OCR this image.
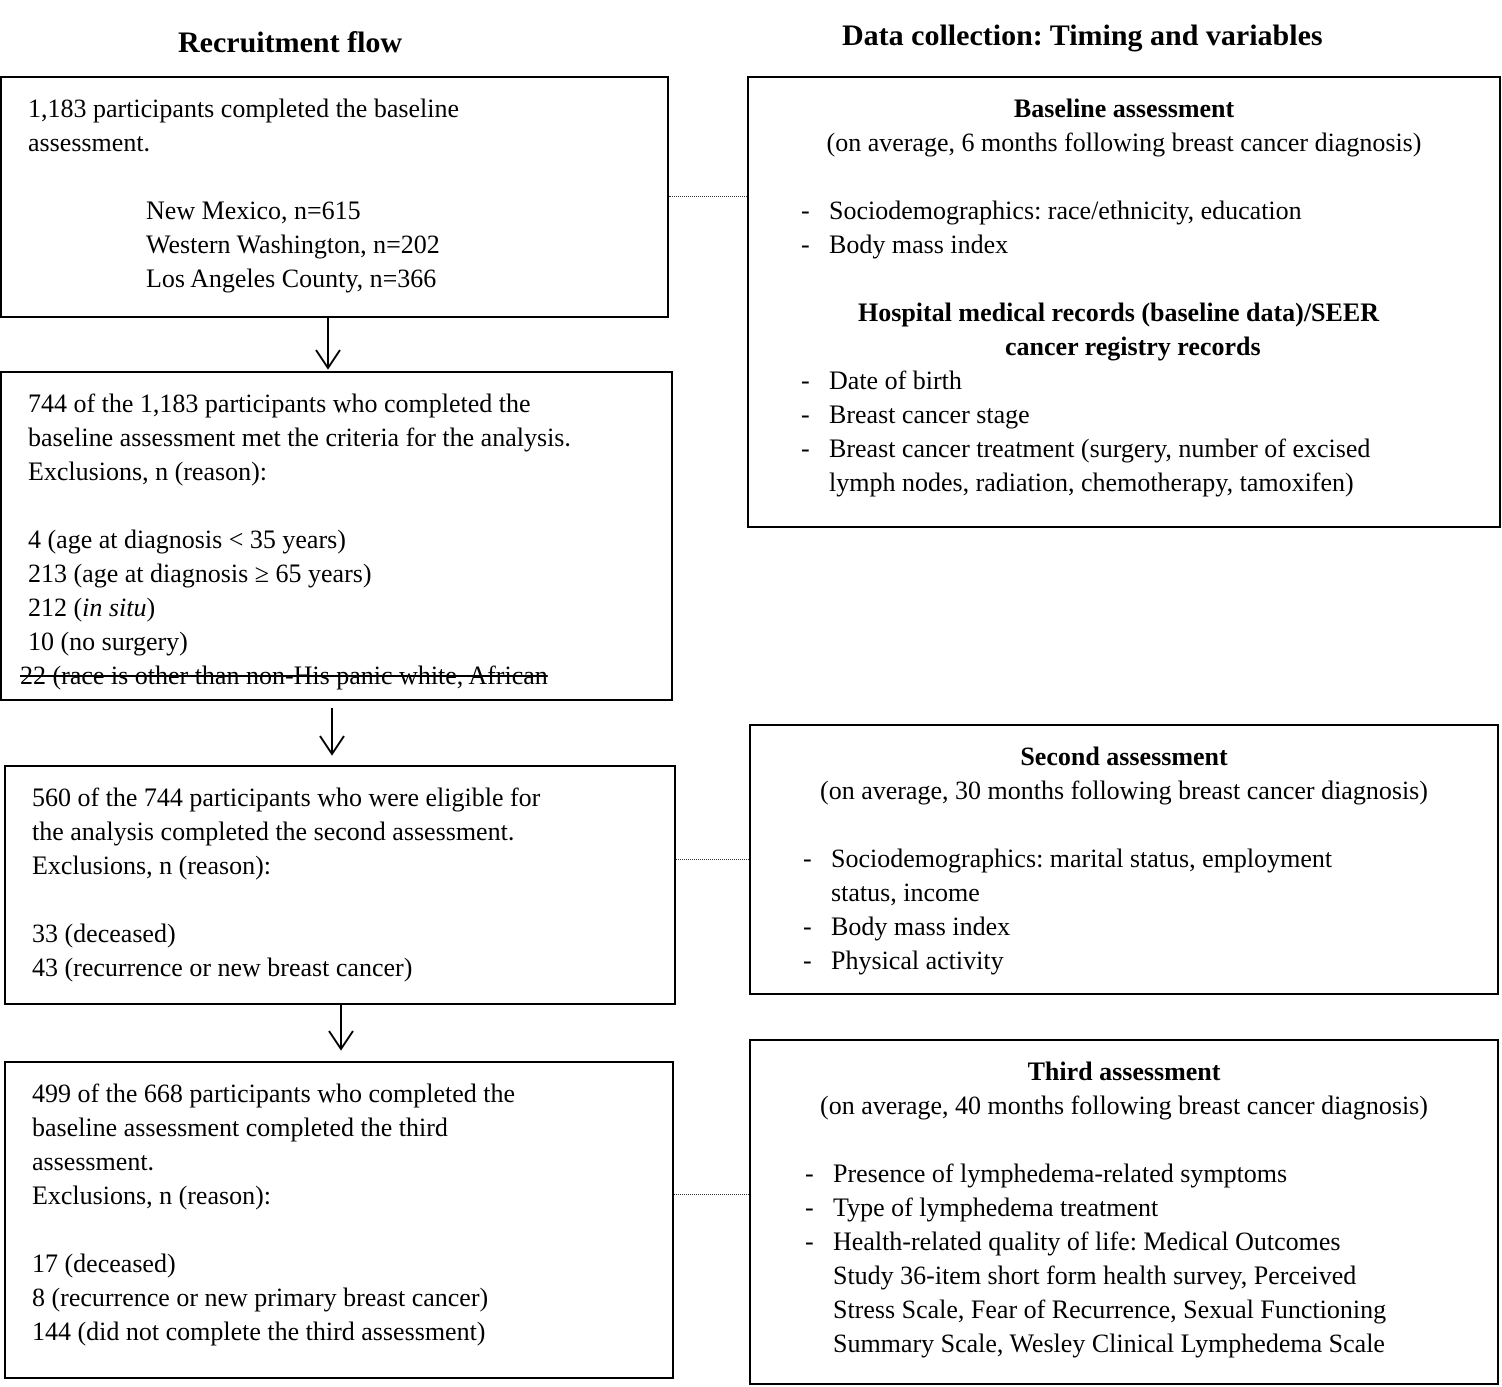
Recruitment flow	Data collection: Timing and variables
1,183 participants completed the baseline
assessment.
New Mexico, n=615
Western Washington, n=202
Los Angeles County, n=366
744 of the 1,183 participants who completed the
baseline assessment met the criteria for the analysis.
Exclusions, n (reason):
4 (age at diagnosis < 35 years)
213 (age at diagnosis ≥ 65 years)
212 (in situ)
10 (no surgery)
22 (race is other than non-His panic white, African
560 of the 744 participants who were eligible for
the analysis completed the second assessment.
Exclusions, n (reason):
33 (deceased)
43 (recurrence or new breast cancer)
499 of the 668 participants who completed the
baseline assessment completed the third
assessment.
Exclusions, n (reason):
17 (deceased)
8 (recurrence or new primary breast cancer)
144 (did not complete the third assessment)
Baseline assessment
(on average, 6 months following breast cancer diagnosis)
- Sociodemographics: race/ethnicity, education
- Body mass index
Hospital medical records (baseline data)/SEER
cancer registry records
- Date of birth
- Breast cancer stage
- Breast cancer treatment (surgery, number of excised
lymph nodes, radiation, chemotherapy, tamoxifen)
Second assessment
(on average, 30 months following breast cancer diagnosis)
- Sociodemographics: marital status, employment
status, income
- Body mass index
- Physical activity
Third assessment
(on average, 40 months following breast cancer diagnosis)
- Presence of lymphedema-related symptoms
- Type of lymphedema treatment
- Health-related quality of life: Medical Outcomes
Study 36-item short form health survey, Perceived
Stress Scale, Fear of Recurrence, Sexual Functioning
Summary Scale, Wesley Clinical Lymphedema Scale
